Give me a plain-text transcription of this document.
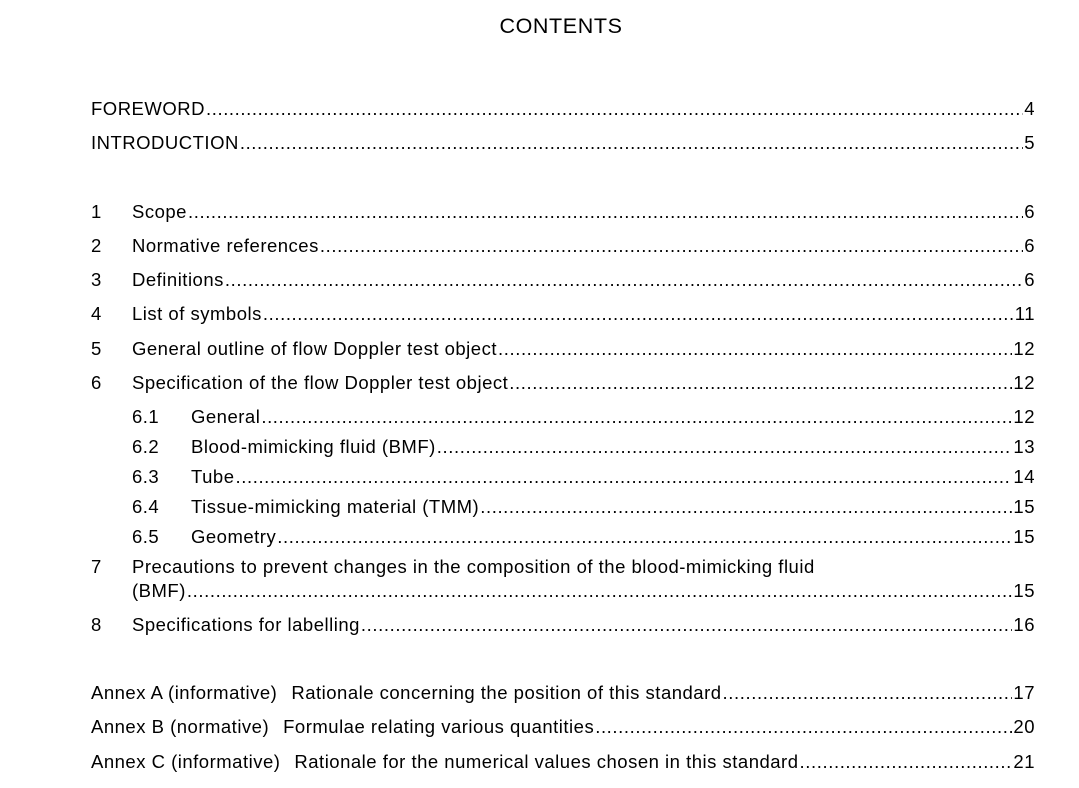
CONTENTS
FOREWORD .....	4
INTRODUCTION .....	5
1	Scope .....	6
2	Normative references .....	6
3	Definitions .....	6
4	List of symbols .....	11
5	General outline of flow Doppler test object .....	12
6	Specification of the flow Doppler test object .....	12
6.1	General .....	12
6.2	Blood-mimicking fluid (BMF) .....	13
6.3	Tube .....	14
6.4	Tissue-mimicking material (TMM) .....	15
6.5	Geometry .....	15
7 Precautions to prevent changes in the composition of the blood-mimicking fluid
(BMF) .....	15
8	Specifications for labelling .....	16
Annex A (informative) Rationale concerning the position of this standard .....	17
Annex B (normative) Formulae relating various quantities .....	20
Annex C (informative) Rationale for the numerical values chosen in this standard .....	21
